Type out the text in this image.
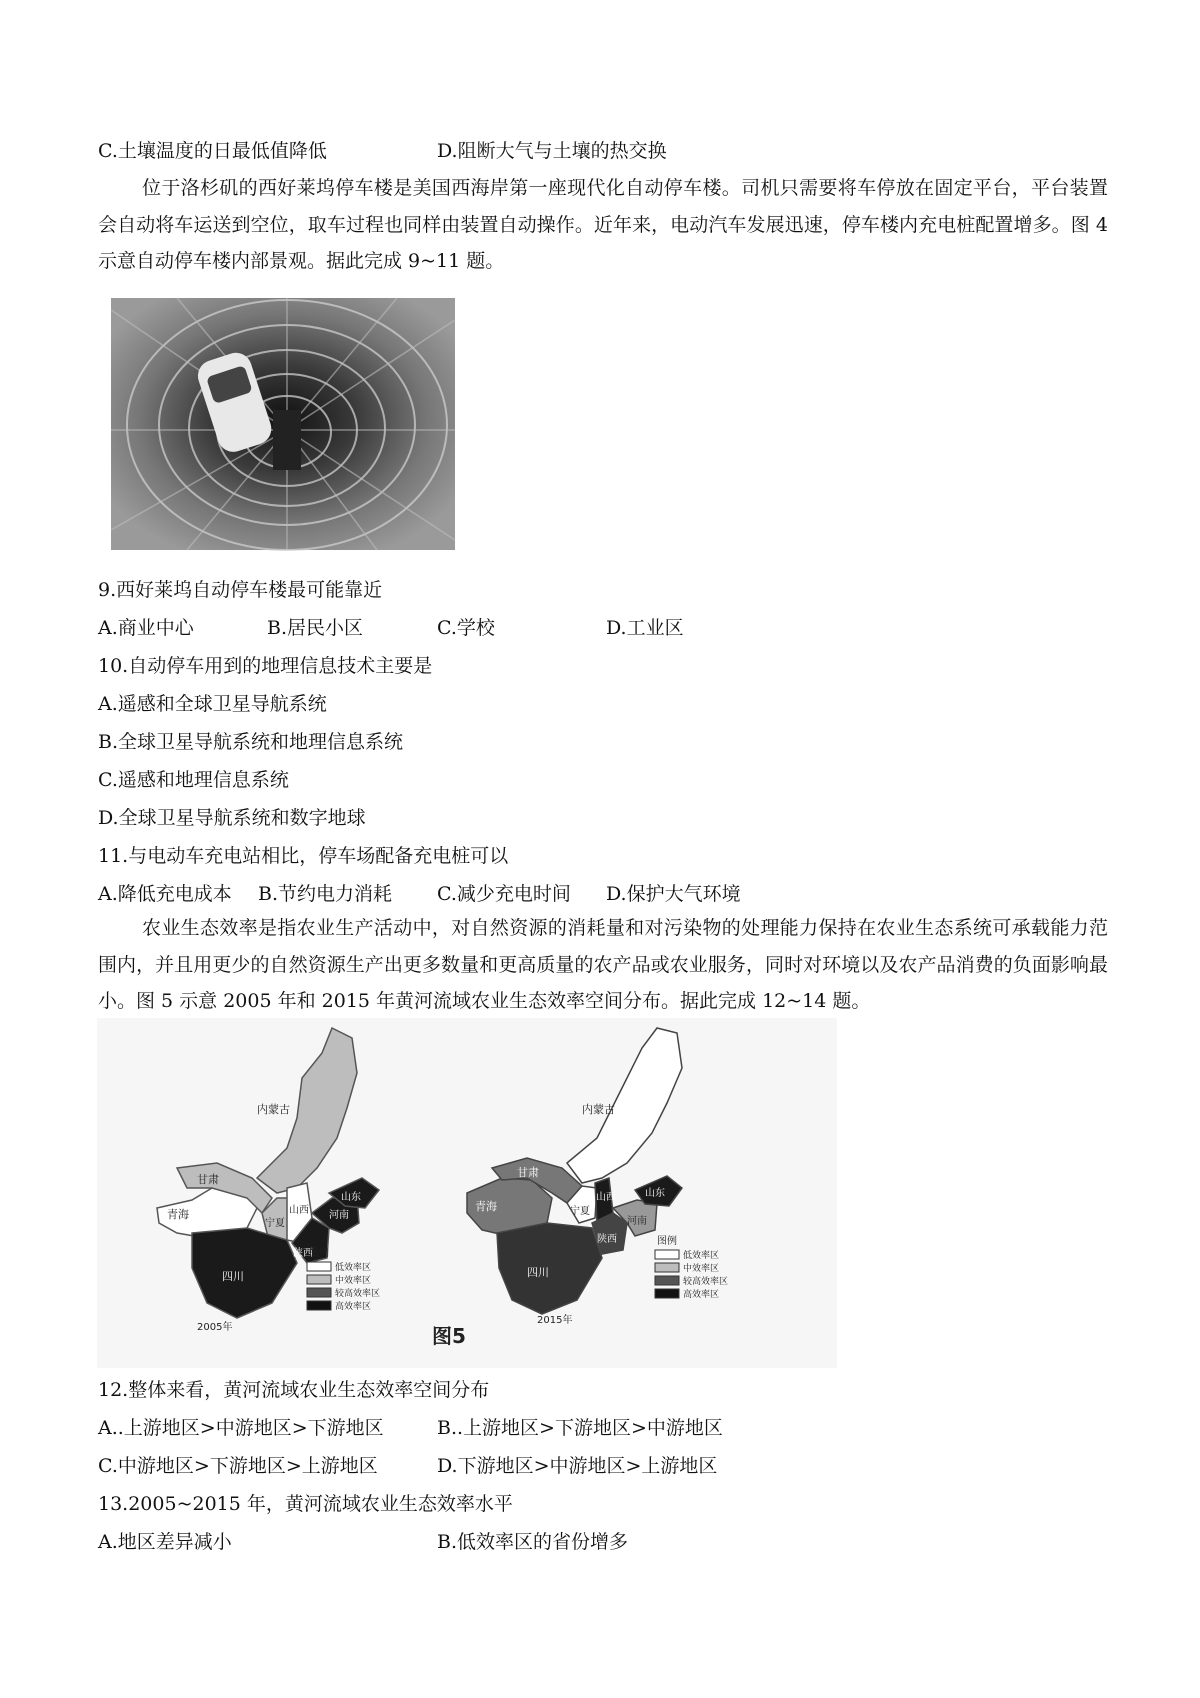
C.土壤温度的日最低值降低	D.阻断大气与土壤的热交换
位于洛杉矶的西好莱坞停车楼是美国西海岸第一座现代化自动停车楼。司机只需要将车停放在固定平台，平台装置会自动将车运送到空位，取车过程也同样由装置自动操作。近年来，电动汽车发展迅速，停车楼内充电桩配置增多。图 4 示意自动停车楼内部景观。据此完成 9~11 题。
9.西好莱坞自动停车楼最可能靠近
A.商业中心	B.居民小区	C.学校	D.工业区
10.自动停车用到的地理信息技术主要是
A.遥感和全球卫星导航系统
B.全球卫星导航系统和地理信息系统
C.遥感和地理信息系统
D.全球卫星导航系统和数字地球
11.与电动车充电站相比，停车场配备充电桩可以
A.降低充电成本 B.节约电力消耗 C.减少充电时间 D.保护大气环境
农业生态效率是指农业生产活动中，对自然资源的消耗量和对污染物的处理能力保持在农业生态系统可承载能力范围内，并且用更少的自然资源生产出更多数量和更高质量的农产品或农业服务，同时对环境以及农产品消费的负面影响最小。图 5 示意 2005 年和 2015 年黄河流域农业生态效率空间分布。据此完成 12~14 题。
内蒙古
青海
甘肃
宁夏
陕西
山西 河南
山东
四川
图例
低效率区
中效率区
较高效率区
高效率区
2005年
内蒙古
青海
甘肃
宁夏
陕西
山西
河南
山东
四川
图例
低效率区
中效率区
较高效率区
高效率区
2015年
图5
12.整体来看，黄河流域农业生态效率空间分布
A..上游地区>中游地区>下游地区	B..上游地区>下游地区>中游地区
C.中游地区>下游地区>上游地区	D.下游地区>中游地区>上游地区
13.2005~2015 年，黄河流域农业生态效率水平
A.地区差异减小	B.低效率区的省份增多
